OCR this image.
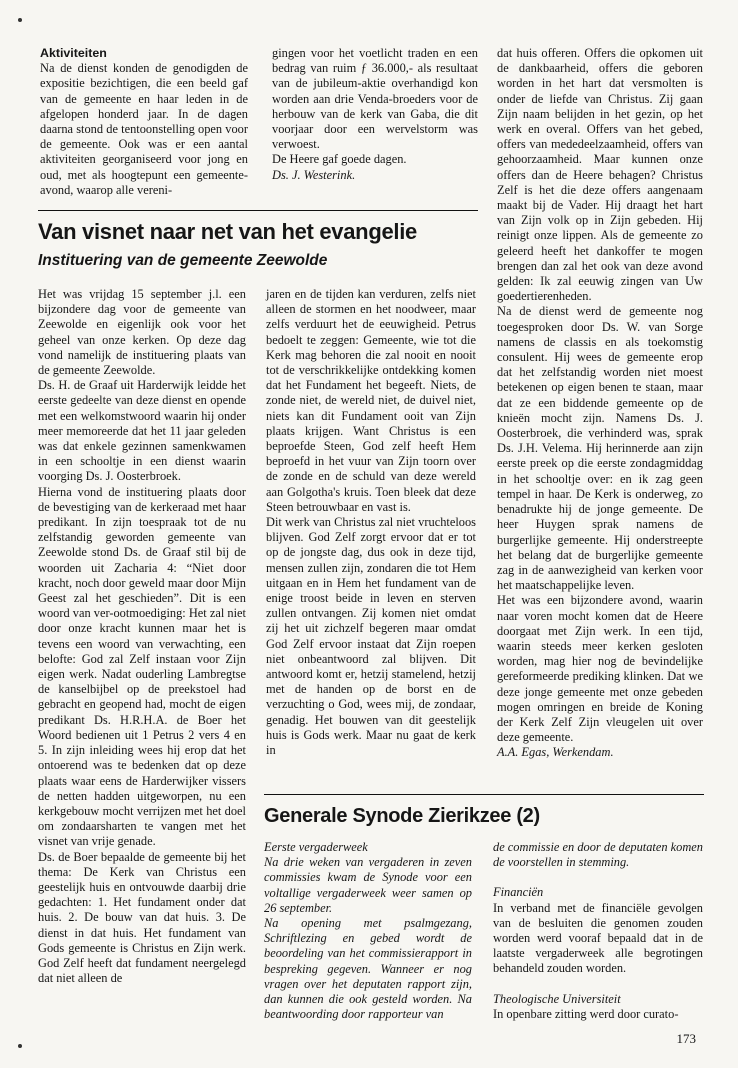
Aktiviteiten

Na de dienst konden de genodigden de expositie bezichtigen, die een beeld gaf van de gemeente en haar leden in de afgelopen honderd jaar. In de dagen daarna stond de tentoonstelling open voor de gemeente. Ook was er een aantal aktiviteiten georganiseerd voor jong en oud, met als hoogtepunt een gemeente-avond, waarop alle vereni-

gingen voor het voetlicht traden en een bedrag van ruim ƒ 36.000,- als resultaat van de jubileum-aktie overhandigd kon worden aan drie Venda-broeders voor de herbouw van de kerk van Gaba, die dit voorjaar door een wervelstorm was verwoest.

De Heere gaf goede dagen.

Ds. J. Westerink.

Van visnet naar net van het evangelie
Instituering van de gemeente Zeewolde

Het was vrijdag 15 september j.l. een bijzondere dag voor de gemeente van Zeewolde en eigenlijk ook voor het geheel van onze kerken. Op deze dag vond namelijk de instituering plaats van de gemeente Zeewolde.

Ds. H. de Graaf uit Harderwijk leidde het eerste gedeelte van deze dienst en opende met een welkomstwoord waarin hij onder meer memoreerde dat het 11 jaar geleden was dat enkele gezinnen samenkwamen in een schooltje in een dienst waarin voorging Ds. J. Oosterbroek.

Hierna vond de instituering plaats door de bevestiging van de kerkeraad met haar predikant. In zijn toespraak tot de nu zelfstandig geworden gemeente van Zeewolde stond Ds. de Graaf stil bij de woorden uit Zacharia 4: “Niet door kracht, noch door geweld maar door Mijn Geest zal het geschieden”. Dit is een woord van ver-ootmoediging: Het zal niet door onze kracht kunnen maar het is tevens een woord van verwachting, een belofte: God zal Zelf instaan voor Zijn eigen werk. Nadat ouderling Lambregtse de kanselbijbel op de preekstoel had gebracht en geopend had, mocht de eigen predikant Ds. H.R.H.A. de Boer het Woord bedienen uit 1 Petrus 2 vers 4 en 5. In zijn inleiding wees hij erop dat het ontoerend was te bedenken dat op deze plaats waar eens de Harderwijker vissers de netten hadden uitgeworpen, nu een kerkgebouw mocht verrijzen met het doel om zondaarsharten te vangen met het visnet van vrije genade.

Ds. de Boer bepaalde de gemeente bij het thema: De Kerk van Christus een geestelijk huis en ontvouwde daarbij drie gedachten: 1. Het fundament onder dat huis. 2. De bouw van dat huis. 3. De dienst in dat huis. Het fundament van Gods gemeente is Christus en Zijn werk. God Zelf heeft dat fundament neergelegd dat niet alleen de

jaren en de tijden kan verduren, zelfs niet alleen de stormen en het noodweer, maar zelfs verduurt het de eeuwigheid. Petrus bedoelt te zeggen: Gemeente, wie tot die Kerk mag behoren die zal nooit en nooit tot de verschrikkelijke ontdekking komen dat het Fundament het begeeft. Niets, de zonde niet, de wereld niet, de duivel niet, niets kan dit Fundament ooit van Zijn plaats krijgen. Want Christus is een beproefde Steen, God zelf heeft Hem beproefd in het vuur van Zijn toorn over de zonde en de schuld van deze wereld aan Golgotha's kruis. Toen bleek dat deze Steen betrouwbaar en vast is.

Dit werk van Christus zal niet vruchteloos blijven. God Zelf zorgt ervoor dat er tot op de jongste dag, dus ook in deze tijd, mensen zullen zijn, zondaren die tot Hem uitgaan en in Hem het fundament van de enige troost beide in leven en sterven zullen ontvangen. Zij komen niet omdat zij het uit zichzelf begeren maar omdat God Zelf ervoor instaat dat Zijn roepen niet onbeantwoord zal blijven. Dit antwoord komt er, hetzij stamelend, hetzij met de handen op de borst en de verzuchting o God, wees mij, de zondaar, genadig. Het bouwen van dit geestelijk huis is Gods werk. Maar nu gaat de kerk in

dat huis offeren. Offers die opkomen uit de dankbaarheid, offers die geboren worden in het hart dat versmolten is onder de liefde van Christus. Zij gaan Zijn naam belijden in het gezin, op het werk en overal. Offers van het gebed, offers van mededeelzaamheid, offers van gehoorzaamheid. Maar kunnen onze offers dan de Heere behagen? Christus Zelf is het die deze offers aangenaam maakt bij de Vader. Hij draagt het hart van Zijn volk op in Zijn gebeden. Hij reinigt onze lippen. Als de gemeente zo geleerd heeft het dankoffer te mogen brengen dan zal het ook van deze avond gelden: Ik zal eeuwig zingen van Uw goedertierenheden.

Na de dienst werd de gemeente nog toegesproken door Ds. W. van Sorge namens de classis en als toekomstig consulent. Hij wees de gemeente erop dat het zelfstandig worden niet moest betekenen op eigen benen te staan, maar dat ze een biddende gemeente op de knieën mocht zijn. Namens Ds. J. Oosterbroek, die verhinderd was, sprak Ds. J.H. Velema. Hij herinnerde aan zijn eerste preek op die eerste zondagmiddag in het schooltje over: en ik zag geen tempel in haar. De Kerk is onderweg, zo benadrukte hij de jonge gemeente. De heer Huygen sprak namens de burgerlijke gemeente. Hij onderstreepte het belang dat de burgerlijke gemeente zag in de aanwezigheid van kerken voor het maatschappelijke leven.

Het was een bijzondere avond, waarin naar voren mocht komen dat de Heere doorgaat met Zijn werk. In een tijd, waarin steeds meer kerken gesloten worden, mag hier nog de bevindelijke gereformeerde prediking klinken. Dat we deze jonge gemeente met onze gebeden mogen omringen en breide de Koning der Kerk Zelf Zijn vleugelen uit over deze gemeente.

A.A. Egas, Werkendam.

Generale Synode Zierikzee (2)

Eerste vergaderweek

Na drie weken van vergaderen in zeven commissies kwam de Synode voor een voltallige vergaderweek weer samen op 26 september.

Na opening met psalmgezang, Schriftlezing en gebed wordt de beoordeling van het commissierapport in bespreking gegeven. Wanneer er nog vragen over het deputaten rapport zijn, dan kunnen die ook gesteld worden. Na beantwoording door rapporteur van

de commissie en door de deputaten komen de voorstellen in stemming.

Financiën

In verband met de financiële gevolgen van de besluiten die genomen zouden worden werd vooraf bepaald dat in de laatste vergaderweek alle begrotingen behandeld zouden worden.

Theologische Universiteit

In openbare zitting werd door curato-

173
